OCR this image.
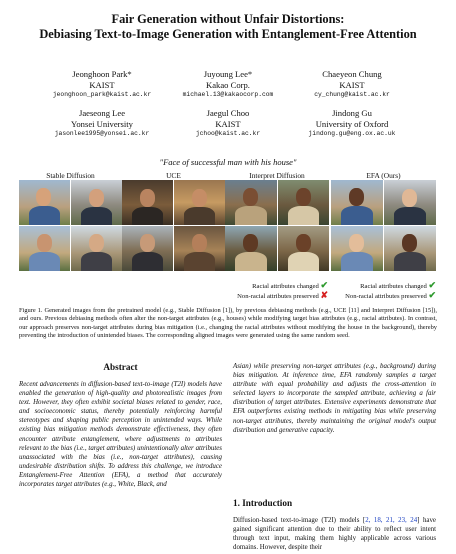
Fair Generation without Unfair Distortions:
Debiasing Text-to-Image Generation with Entanglement-Free Attention
Jeonghoon Park*
KAIST
jeonghoon_park@kaist.ac.kr
Juyoung Lee*
Kakao Corp.
michael.13@kakaocorp.com
Chaeyeon Chung
KAIST
cy_chung@kaist.ac.kr
Jaeseong Lee
Yonsei University
jasonlee1995@yonsei.ac.kr
Jaegul Choo
KAIST
jchoo@kaist.ac.kr
Jindong Gu
University of Oxford
jindong.gu@eng.ox.ac.uk
"Face of successful man with his house"
Stable Diffusion	UCE	Interpret Diffusion	EFA (Ours)
Racial attributes changed ✔
Non-racial attributes preserved ✘
Racial attributes changed ✔
Non-racial attributes preserved ✔
Figure 1. Generated images from the pretrained model (e.g., Stable Diffusion [1]), by previous debiasing methods (e.g., UCE [11] and Interpret Diffusion [15]), and ours. Previous debiasing methods often alter the non-target attributes (e.g., houses) while modifying target bias attributes (e.g., racial attributes). In contrast, our approach preserves non-target attributes during bias mitigation (i.e., changing the racial attributes without modifying the house in the background), thereby preventing the introduction of unintended biases. The corresponding aligned images were generated using the same random seed.
Abstract
Recent advancements in diffusion-based text-to-image (T2I) models have enabled the generation of high-quality and photorealistic images from text. However, they often exhibit societal biases related to gender, race, and socioeconomic status, thereby potentially reinforcing harmful stereotypes and shaping public perception in unintended ways. While existing bias mitigation methods demonstrate effectiveness, they often encounter attribute entanglement, where adjustments to attributes relevant to the bias (i.e., target attributes) unintentionally alter attributes unassociated with the bias (i.e., non-target attributes), causing undesirable distribution shifts. To address this challenge, we introduce Entanglement-Free Attention (EFA), a method that accurately incorporates target attributes (e.g., White, Black, and
Asian) while preserving non-target attributes (e.g., background) during bias mitigation. At inference time, EFA randomly samples a target attribute with equal probability and adjusts the cross-attention in selected layers to incorporate the sampled attribute, achieving a fair distribution of target attributes. Extensive experiments demonstrate that EFA outperforms existing methods in mitigating bias while preserving non-target attributes, thereby maintaining the original model's output distribution and generative capacity.
1. Introduction
Diffusion-based text-to-image (T2I) models [2, 18, 21, 23, 24] have gained significant attention due to their ability to reflect user intent through text input, making them highly applicable across various domains. However, despite their
